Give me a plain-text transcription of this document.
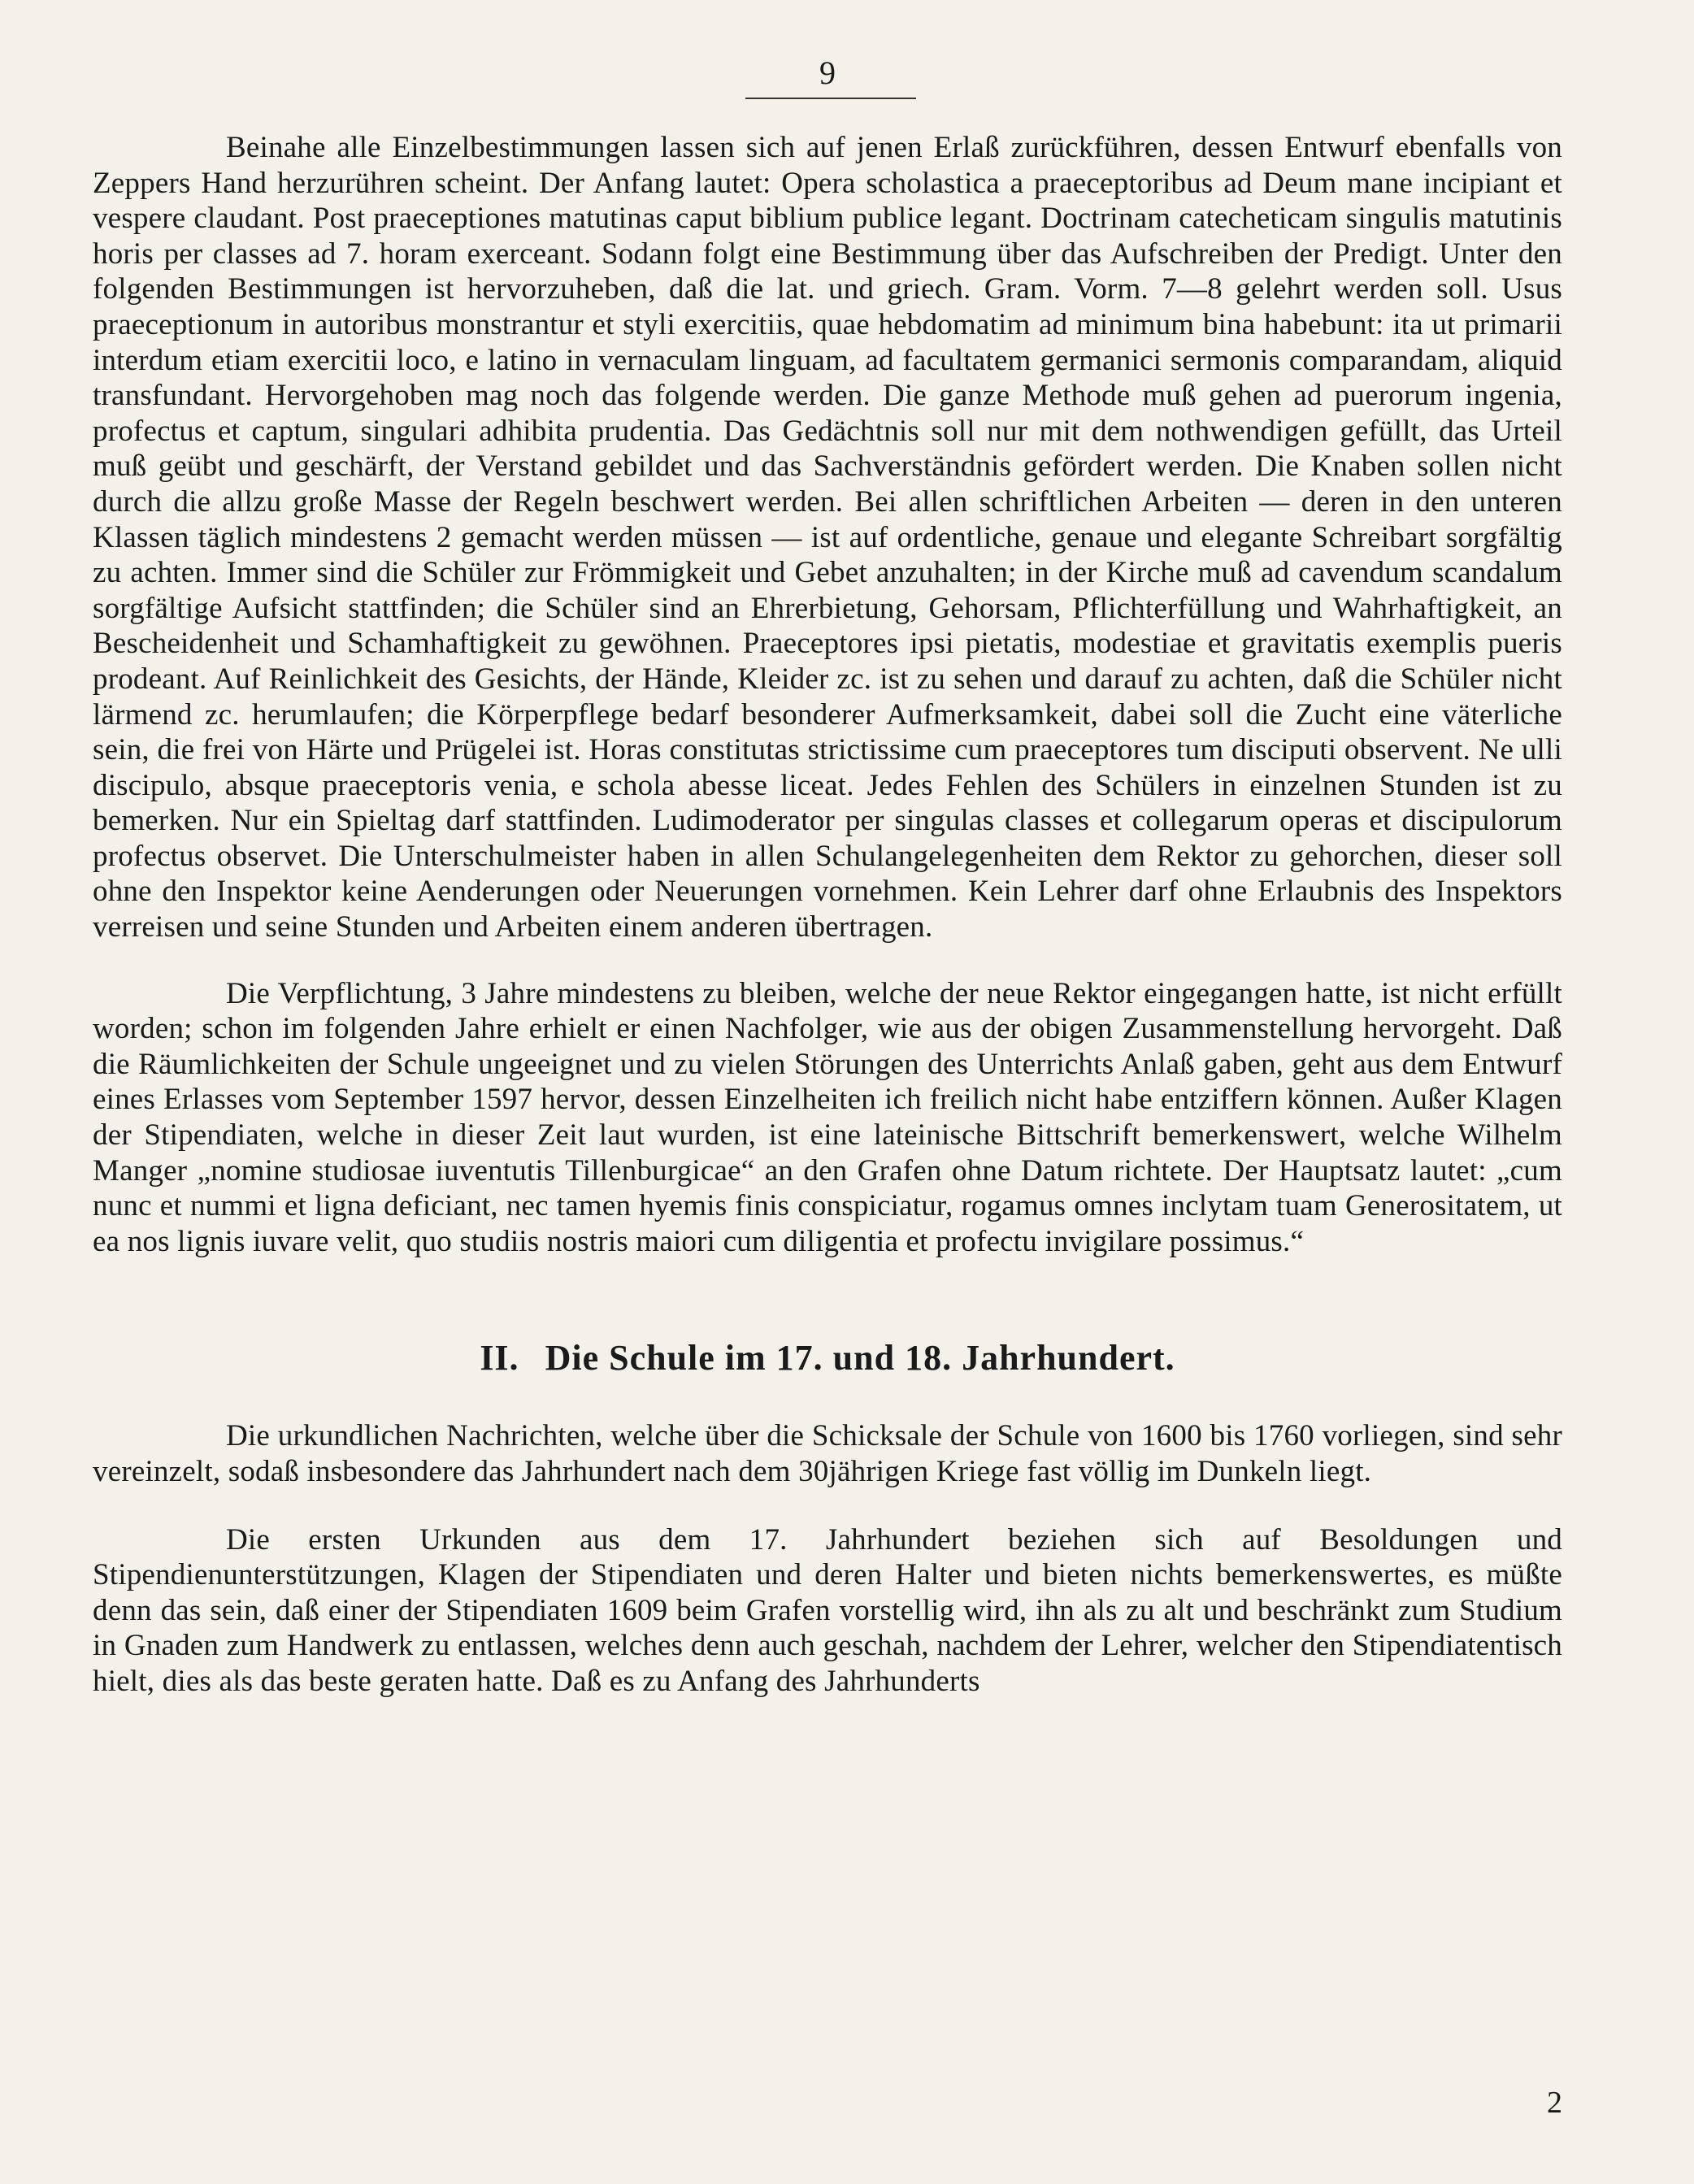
9

Beinahe alle Einzelbestimmungen lassen sich auf jenen Erlaß zurückführen, dessen Entwurf ebenfalls von Zeppers Hand herzurühren scheint. Der Anfang lautet: Opera scholastica a praeceptoribus ad Deum mane incipiant et vespere claudant. Post praeceptiones matutinas caput biblium publice legant. Doctrinam catecheticam singulis matutinis horis per classes ad 7. horam exerceant. Sodann folgt eine Bestimmung über das Aufschreiben der Predigt. Unter den folgenden Bestimmungen ist hervorzuheben, daß die lat. und griech. Gram. Vorm. 7—8 gelehrt werden soll. Usus praeceptionum in autoribus monstrantur et styli exercitiis, quae hebdomatim ad minimum bina habebunt: ita ut primarii interdum etiam exercitii loco, e latino in vernaculam linguam, ad facultatem germanici sermonis comparandam, aliquid transfundant. Hervorgehoben mag noch das folgende werden. Die ganze Methode muß gehen ad puerorum ingenia, profectus et captum, singulari adhibita prudentia. Das Gedächtnis soll nur mit dem nothwendigen gefüllt, das Urteil muß geübt und geschärft, der Verstand gebildet und das Sachverständnis gefördert werden. Die Knaben sollen nicht durch die allzu große Masse der Regeln beschwert werden. Bei allen schriftlichen Arbeiten — deren in den unteren Klassen täglich mindestens 2 gemacht werden müssen — ist auf ordentliche, genaue und elegante Schreibart sorgfältig zu achten. Immer sind die Schüler zur Frömmigkeit und Gebet anzuhalten; in der Kirche muß ad cavendum scandalum sorgfältige Aufsicht stattfinden; die Schüler sind an Ehrerbietung, Gehorsam, Pflichterfüllung und Wahrhaftigkeit, an Bescheidenheit und Schamhaftigkeit zu gewöhnen. Praeceptores ipsi pietatis, modestiae et gravitatis exemplis pueris prodeant. Auf Reinlichkeit des Gesichts, der Hände, Kleider zc. ist zu sehen und darauf zu achten, daß die Schüler nicht lärmend zc. herumlaufen; die Körperpflege bedarf besonderer Aufmerksamkeit, dabei soll die Zucht eine väterliche sein, die frei von Härte und Prügelei ist. Horas constitutas strictissime cum praeceptores tum disciputi observent. Ne ulli discipulo, absque praeceptoris venia, e schola abesse liceat. Jedes Fehlen des Schülers in einzelnen Stunden ist zu bemerken. Nur ein Spieltag darf stattfinden. Ludimoderator per singulas classes et collegarum operas et discipulorum profectus observet. Die Unterschulmeister haben in allen Schulangelegenheiten dem Rektor zu gehorchen, dieser soll ohne den Inspektor keine Aenderungen oder Neuerungen vornehmen. Kein Lehrer darf ohne Erlaubnis des Inspektors verreisen und seine Stunden und Arbeiten einem anderen übertragen.

Die Verpflichtung, 3 Jahre mindestens zu bleiben, welche der neue Rektor eingegangen hatte, ist nicht erfüllt worden; schon im folgenden Jahre erhielt er einen Nachfolger, wie aus der obigen Zusammenstellung hervorgeht. Daß die Räumlichkeiten der Schule ungeeignet und zu vielen Störungen des Unterrichts Anlaß gaben, geht aus dem Entwurf eines Erlasses vom September 1597 hervor, dessen Einzelheiten ich freilich nicht habe entziffern können. Außer Klagen der Stipendiaten, welche in dieser Zeit laut wurden, ist eine lateinische Bittschrift bemerkenswert, welche Wilhelm Manger „nomine studiosae iuventutis Tillenburgicae“ an den Grafen ohne Datum richtete. Der Hauptsatz lautet: „cum nunc et nummi et ligna deficiant, nec tamen hyemis finis conspiciatur, rogamus omnes inclytam tuam Generositatem, ut ea nos lignis iuvare velit, quo studiis nostris maiori cum diligentia et profectu invigilare possimus.“

II. Die Schule im 17. und 18. Jahrhundert.

Die urkundlichen Nachrichten, welche über die Schicksale der Schule von 1600 bis 1760 vorliegen, sind sehr vereinzelt, sodaß insbesondere das Jahrhundert nach dem 30jährigen Kriege fast völlig im Dunkeln liegt.

Die ersten Urkunden aus dem 17. Jahrhundert beziehen sich auf Besoldungen und Stipendienunterstützungen, Klagen der Stipendiaten und deren Halter und bieten nichts bemerkenswertes, es müßte denn das sein, daß einer der Stipendiaten 1609 beim Grafen vorstellig wird, ihn als zu alt und beschränkt zum Studium in Gnaden zum Handwerk zu entlassen, welches denn auch geschah, nachdem der Lehrer, welcher den Stipendiatentisch hielt, dies als das beste geraten hatte. Daß es zu Anfang des Jahrhunderts

2
